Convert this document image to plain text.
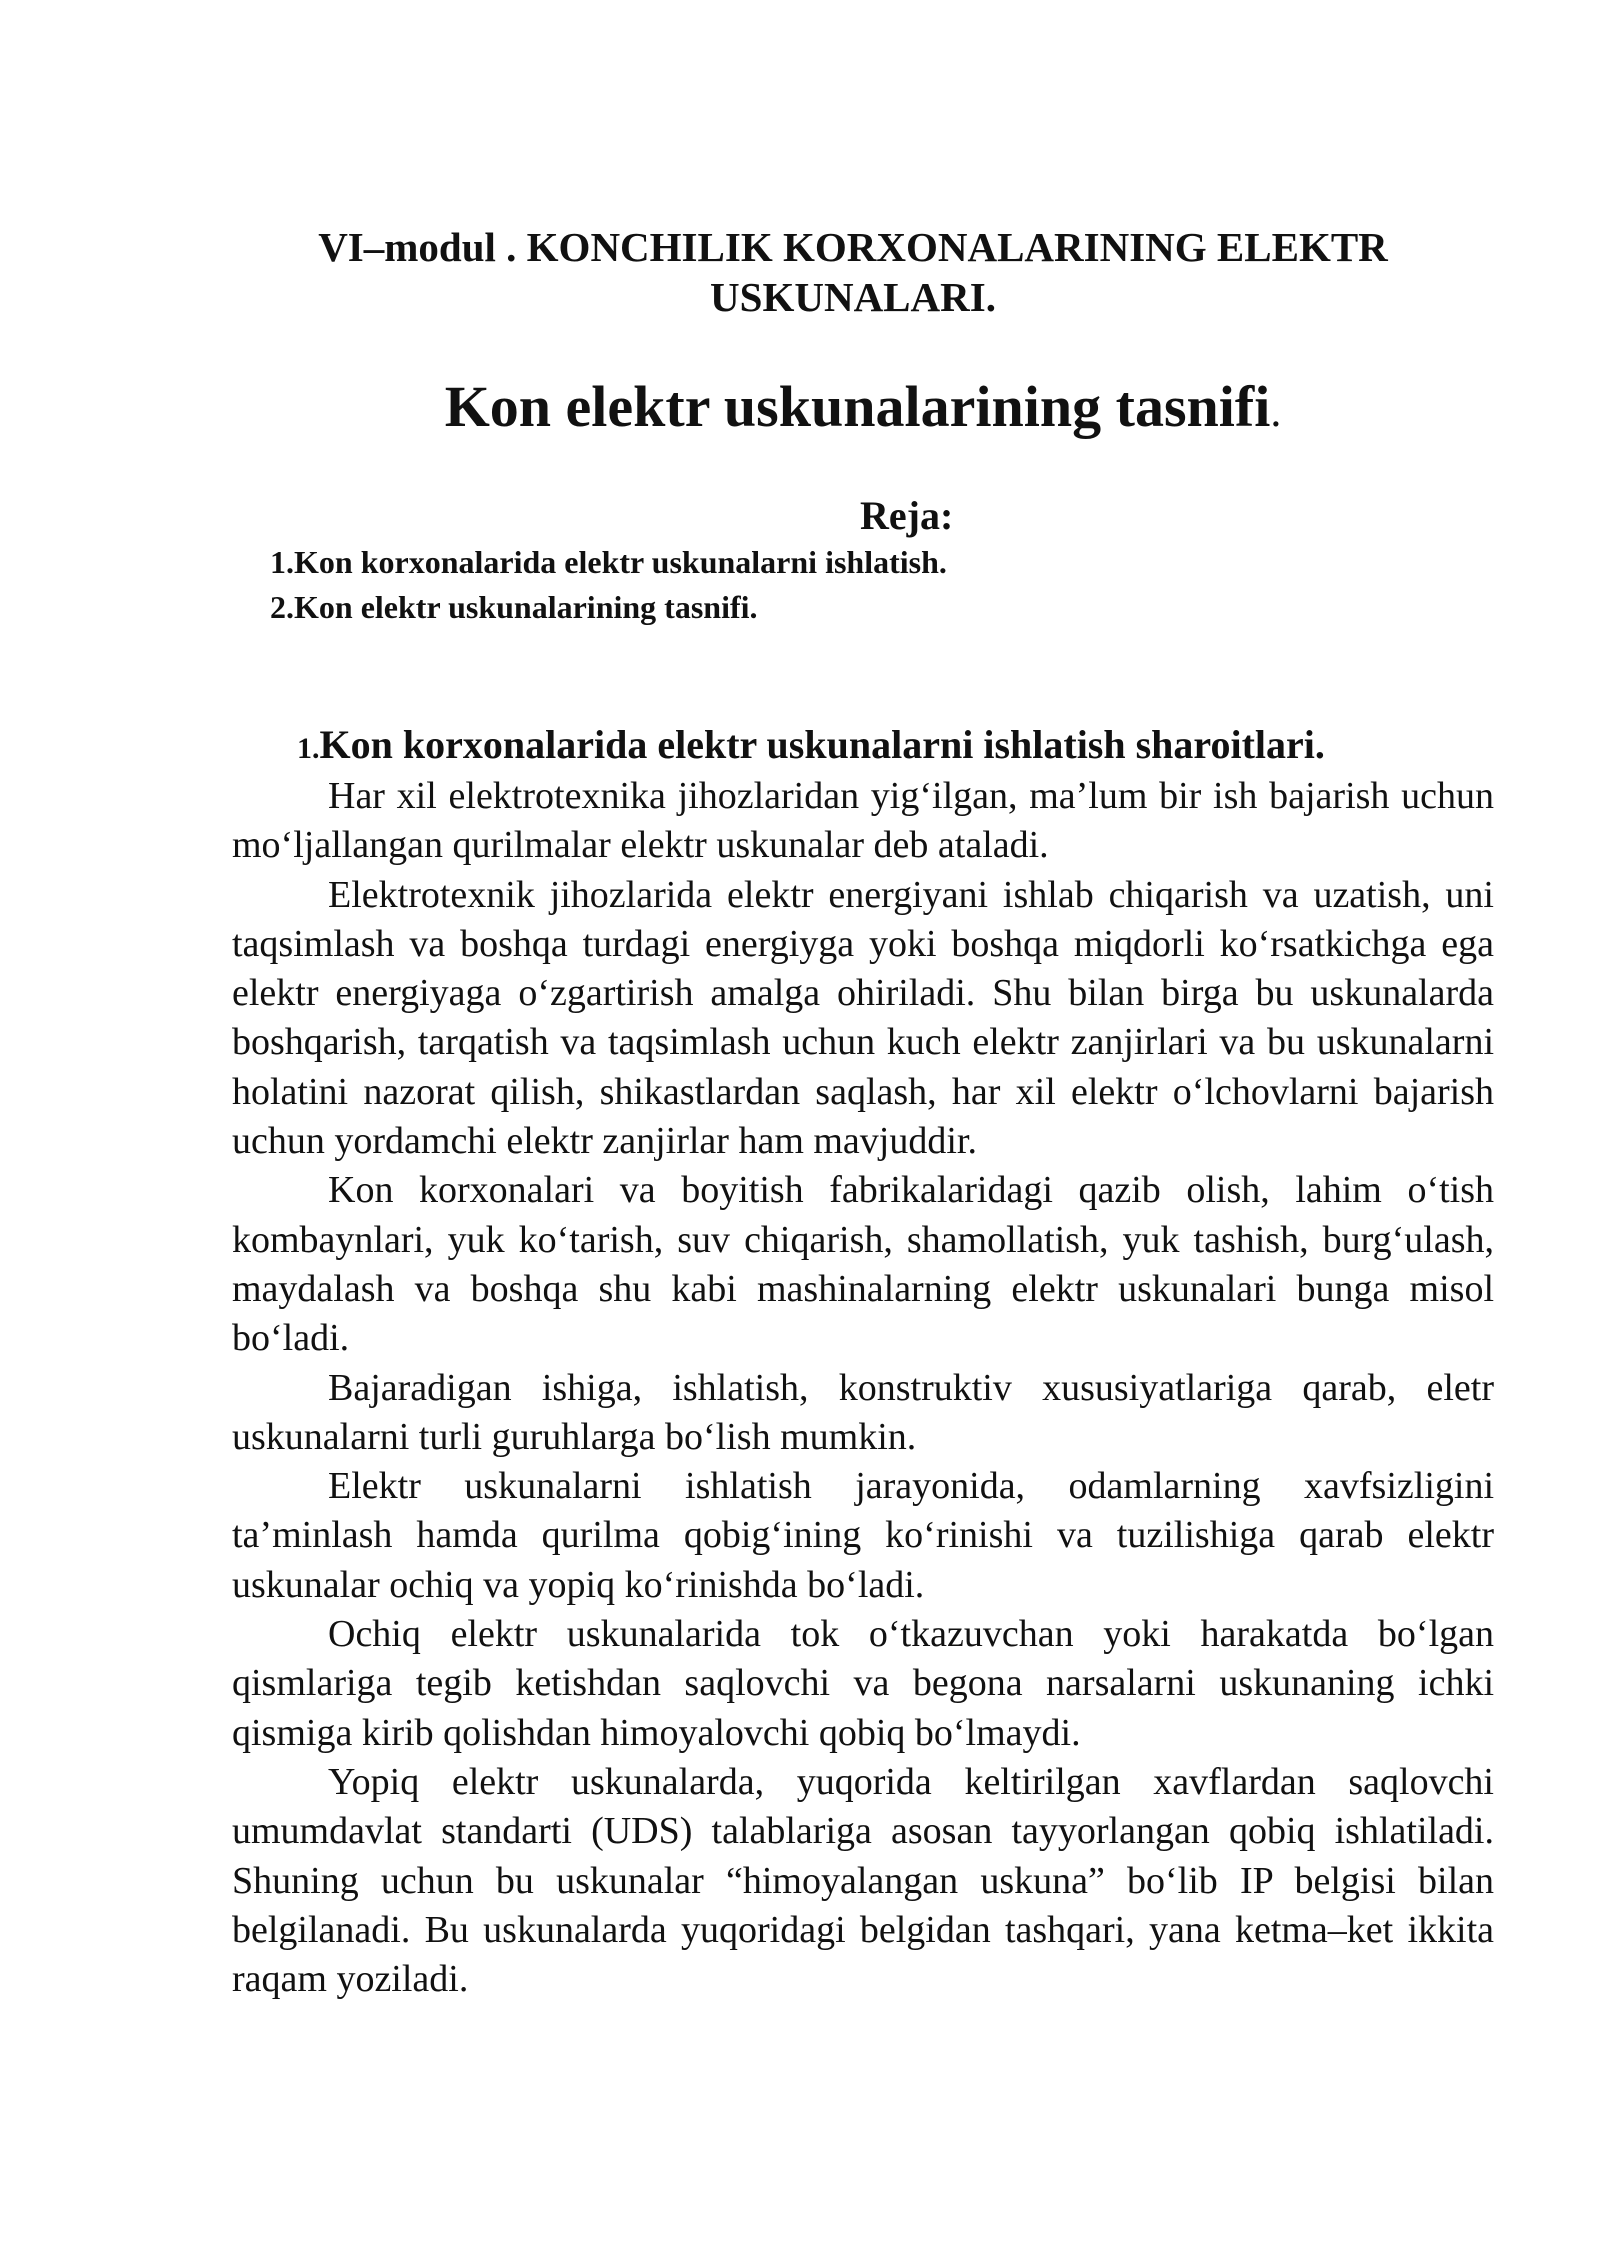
VI–modul . KONCHILIK KORXONALARINING ELEKTR
USKUNALARI.
Kon elektr uskunalarining tasnifi.
Reja:
1.Kon korxonalarida elektr uskunalarni ishlatish.
2.Kon elektr uskunalarining tasnifi.
1.Kon korxonalarida elektr uskunalarni ishlatish sharoitlari.

Har xil elektrotexnika jihozlaridan yig‘ilgan, ma’lum bir ish bajarish uchun mo‘ljallangan qurilmalar elektr uskunalar deb ataladi.

Elektrotexnik jihozlarida elektr energiyani ishlab chiqarish va uzatish, uni taqsimlash va boshqa turdagi energiyga yoki boshqa miqdorli ko‘rsatkichga ega elektr energiyaga o‘zgartirish amalga ohiriladi. Shu bilan birga bu uskunalarda boshqarish, tarqatish va taqsimlash uchun kuch elektr zanjirlari va bu uskunalarni holatini nazorat qilish, shikastlardan saqlash, har xil elektr o‘lchovlarni bajarish uchun yordamchi elektr zanjirlar ham mavjuddir.

Kon korxonalari va boyitish fabrikalaridagi qazib olish, lahim o‘tish kombaynlari, yuk ko‘tarish, suv chiqarish, shamollatish, yuk tashish, burg‘ulash, maydalash va boshqa shu kabi mashinalarning elektr uskunalari bunga misol bo‘ladi.

Bajaradigan ishiga, ishlatish, konstruktiv xususiyatlariga qarab, eletr uskunalarni turli guruhlarga bo‘lish mumkin.

Elektr uskunalarni ishlatish jarayonida, odamlarning xavfsizligini ta’minlash hamda qurilma qobig‘ining ko‘rinishi va tuzilishiga qarab elektr uskunalar ochiq va yopiq ko‘rinishda bo‘ladi.

Ochiq elektr uskunalarida tok o‘tkazuvchan yoki harakatda bo‘lgan qismlariga tegib ketishdan saqlovchi va begona narsalarni uskunaning ichki qismiga kirib qolishdan himoyalovchi qobiq bo‘lmaydi.

Yopiq elektr uskunalarda, yuqorida keltirilgan xavflardan saqlovchi umumdavlat standarti (UDS) talablariga asosan tayyorlangan qobiq ishlatiladi. Shuning uchun bu uskunalar “himoyalangan uskuna” bo‘lib IP belgisi bilan belgilanadi. Bu uskunalarda yuqoridagi belgidan tashqari, yana ketma–ket ikkita raqam yoziladi.
